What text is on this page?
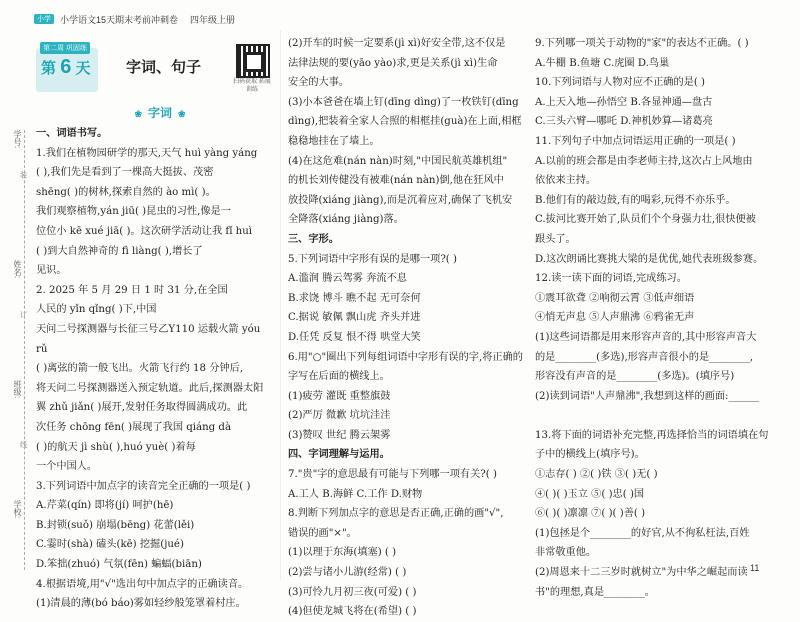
小学	小学语文15天期末考前冲刺卷 四年级上册
学号:
姓名:
班级:
学校:
装
订
线
第二周 巩固练
第 6 天 字词、句子
扫码获取 拓展训练
❀ 字词 ❀

一、词语书写。

1.我们在植物园研学的那天,天气 huì yàng yáng

( ),我们先是看到了一棵高大挺拔、茂密

shēng( )的树林,探索自然的 ào mì( )。

我们观察植物,yán jiū( )昆虫的习性,像是一

位位小 kē xué jiā( )。这次研学活动让我 fǐ huì

( )到大自然神奇的 fì liàng( ),增长了

见识。

2. 2025 年 5 月 29 日 1 时 31 分,在全国

人民的 yǐn qǐng( )下,中国

天问二号探测器与长征三号乙Y110 运载火箭 yóu rǔ

( )离弦的箭一般飞出。火箭飞行约 18 分钟后,

将天问二号探测器送入预定轨道。此后,探测器太阳

翼 zhǔ jiǎn( )展开,发射任务取得圆满成功。此

次任务 chōng fēn( )展现了我国 qiáng dà

( )的航天 jì shù( ),huó yuè( )着每

一个中国人。

3.下列词语中加点字的读音完全正确的一项是( )

A.芹菜(qín) 即将(jí) 呵护(hē)

B.封锁(suǒ) 崩塌(bēng) 花蕾(lěi)

C.霎时(shà) 磕头(kē) 挖掘(jué)

D.笨拙(zhuó) 气氛(fēn) 蝙蝠(biān)

4.根据语境,用"√"选出句中加点字的正确读音。

(1)清晨的薄(bó báo)雾如轻纱般笼罩着村庄。

(2)开车的时候一定要系(jì xì)好安全带,这不仅是

法律法规的要(yāo yào)求,更是关系(jì xì)生命

安全的大事。

(3)小本爸爸在墙上钉(dīng dìng)了一枚铁钉(dīng

dìng),把装着全家人合照的相框挂(guà)在上面,相框

稳稳地挂在了墙上。

(4)在这危难(nán nàn)时刻,"中国民航英雄机组"

的机长刘传健没有被难(nán nàn)倒,他在狂风中

放投降(xiáng jiàng),而是沉着应对,确保了飞机安

全降落(xiáng jiàng)落。

三、字形。

5.下列词语中字形有误的是哪一项?( )

A.滥润 腾云驾雾 奔流不息

B.求饶 博斗 瞧不起 无可奈何

C.据说 敏佩 飘山虎 齐头并进

D.任凭 反复 恨不得 哄堂大笑

6.用"○"圈出下列每组词语中字形有误的字,将正确的

字写在后面的横线上。

(1)疲劳 灌既 重整旗鼓

(2)严厉 微歉 坑坑洼洼

(3)赞叹 世纪 腾云架雾

四、字词理解与运用。

7."贵"字的意思最有可能与下列哪一项有关?( )

A.工人 B.海鲜 C.工作 D.财物

8.判断下列加点字的意思是否正确,正确的画"√",

错误的画"×"。

(1)以理于东海(填塞) ( )

(2)尝与诸小儿游(经常) ( )

(3)可怜九月初三夜(可爱) ( )

(4)但使龙城飞将在(希望) ( )

9.下列哪一项关于动物的"家"的表达不正确。( )

A.牛棚 B.鱼塘 C.虎圈 D.鸟巢

10.下列词语与人物对应不正确的是( )

A.上天入地—孙悟空 B.各显神通—盘古

C.三头六臂—哪吒 D.神机妙算—诸葛亮

11.下列句子中加点词语运用正确的一项是( )

A.以前的班会都是由李老师主持,这次占上风地由

依依来主持。

B.他们有的敲边鼓,有的喝彩,玩得不亦乐乎。

C.拔河比赛开始了,队员们个个身强力壮,很快便被

跟头了。

D.这次朗诵比赛挑大梁的是优优,她代表班级参赛。

12.读一读下面的词语,完成练习。

①震耳欲聋 ②响彻云霄 ③低声细语

④悄无声息 ⑤人声鼎沸 ⑥鸦雀无声

(1)这些词语都是用来形容声音的,其中形容声音大

的是________(多选),形容声音很小的是________,

形容没有声音的是________(多选)。(填序号)

(2)读到词语"人声鼎沸",我想到这样的画面:______

13.将下面的词语补充完整,再选择恰当的词语填在句

子中的横线上(填序号)。

①志存( ) ②( )铁 ③( )无( )

④( )( )玉立 ⑤( )忠( )国

⑥( )( )凛凛 ⑦( )( )善( )

(1)包拯是个________的好官,从不徇私枉法,百姓

非常敬重他。

(2)周恩来十二三岁时就树立"为中华之崛起而读

书"的理想,真是________。

11
